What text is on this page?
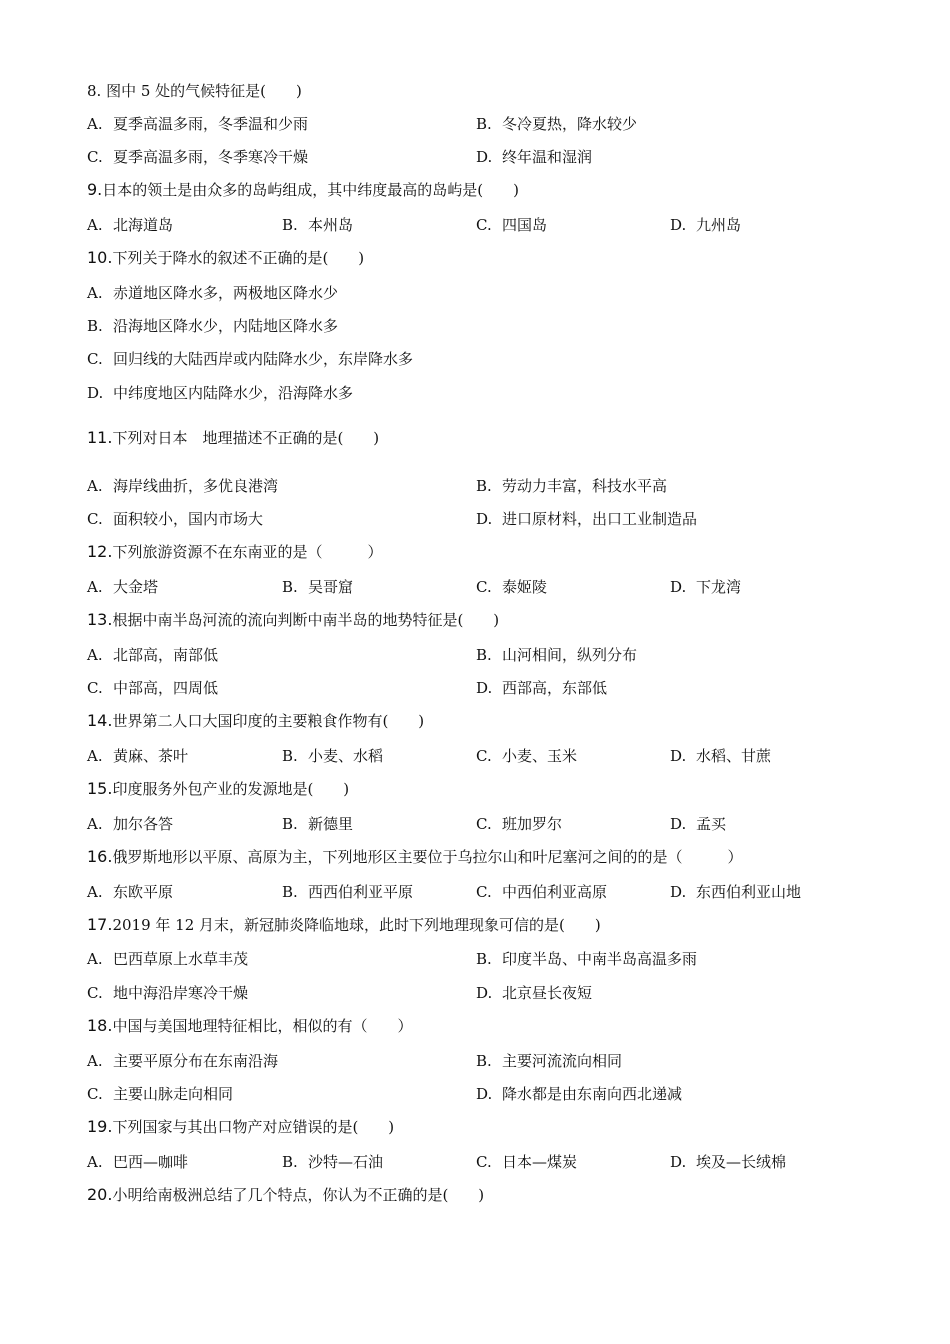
8. 图中 5 处的气候特征是(　　)
A. 夏季高温多雨，冬季温和少雨	B. 冬冷夏热，降水较少
C. 夏季高温多雨，冬季寒冷干燥	D. 终年温和湿润
9.日本的领土是由众多的岛屿组成，其中纬度最高的岛屿是(　　)
A. 北海道岛	B. 本州岛	C. 四国岛	D. 九州岛
10.下列关于降水的叙述不正确的是(　　)
A. 赤道地区降水多，两极地区降水少
B. 沿海地区降水少，内陆地区降水多
C. 回归线的大陆西岸或内陆降水少，东岸降水多
D. 中纬度地区内陆降水少，沿海降水多
11.下列对日本　地理描述不正确的是(　　)
A. 海岸线曲折，多优良港湾	B. 劳动力丰富，科技水平高
C. 面积较小，国内市场大	D. 进口原材料，出口工业制造品
12.下列旅游资源不在东南亚的是（　　　）
A. 大金塔	B. 吴哥窟	C. 泰姬陵	D. 下龙湾
13.根据中南半岛河流的流向判断中南半岛的地势特征是(　　)
A. 北部高，南部低	B. 山河相间，纵列分布
C. 中部高，四周低	D. 西部高，东部低
14.世界第二人口大国印度的主要粮食作物有(　　)
A. 黄麻、茶叶	B. 小麦、水稻	C. 小麦、玉米	D. 水稻、甘蔗
15.印度服务外包产业的发源地是(　　)
A. 加尔各答	B. 新德里	C. 班加罗尔	D. 孟买
16.俄罗斯地形以平原、高原为主，下列地形区主要位于乌拉尔山和叶尼塞河之间的的是（　　　）
A. 东欧平原	B. 西西伯利亚平原	C. 中西伯利亚高原	D. 东西伯利亚山地
17.2019 年 12 月末，新冠肺炎降临地球，此时下列地理现象可信的是(　　)
A. 巴西草原上水草丰茂	B. 印度半岛、中南半岛高温多雨
C. 地中海沿岸寒冷干燥	D. 北京昼长夜短
18.中国与美国地理特征相比，相似的有（　　）
A. 主要平原分布在东南沿海	B. 主要河流流向相同
C. 主要山脉走向相同	D. 降水都是由东南向西北递减
19.下列国家与其出口物产对应错误的是(　　)
A. 巴西—咖啡	B. 沙特—石油	C. 日本—煤炭	D. 埃及—长绒棉
20.小明给南极洲总结了几个特点，你认为不正确的是(　　)
